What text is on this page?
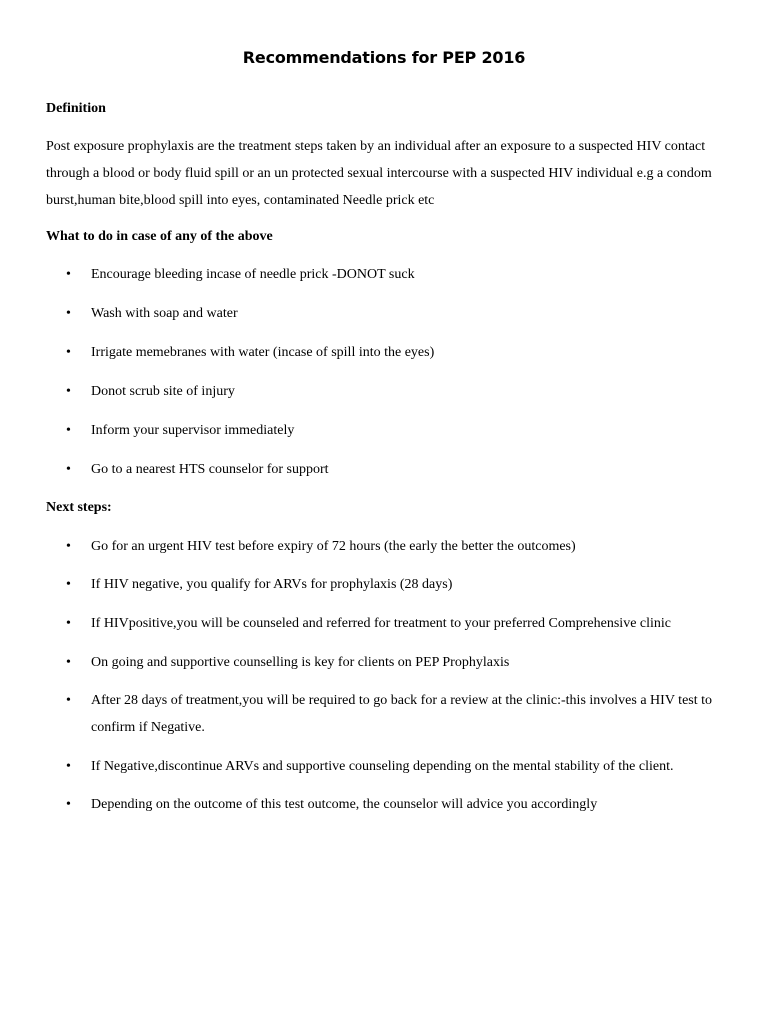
Recommendations for PEP 2016
Definition

Post exposure prophylaxis are the treatment steps taken by an individual after an exposure to a suspected HIV contact through a blood or body fluid spill or an un protected sexual intercourse with a suspected HIV individual e.g a condom burst,human bite,blood spill into eyes, contaminated Needle prick etc

What to do in case of any of the above
•	Encourage bleeding incase of needle prick -DONOT suck
•	Wash with soap and water
•	Irrigate memebranes with water (incase of spill into the eyes)
•	Donot scrub site of injury
•	Inform your supervisor immediately
•	Go to a nearest HTS counselor for support
Next steps:
•	Go for an urgent HIV test before expiry of 72 hours (the early the better the outcomes)
•	If HIV negative, you qualify for ARVs for prophylaxis (28 days)
•	If HIVpositive,you will be counseled and referred for treatment to your preferred Comprehensive clinic
•	On going and supportive counselling is key for clients on PEP Prophylaxis
•	After 28 days of treatment,you will be required to go back for a review at the clinic:-this involves a HIV test to confirm if Negative.
•	If Negative,discontinue ARVs and supportive counseling depending on the mental stability of the client.
•	Depending on the outcome of this test outcome, the counselor will advice you accordingly
